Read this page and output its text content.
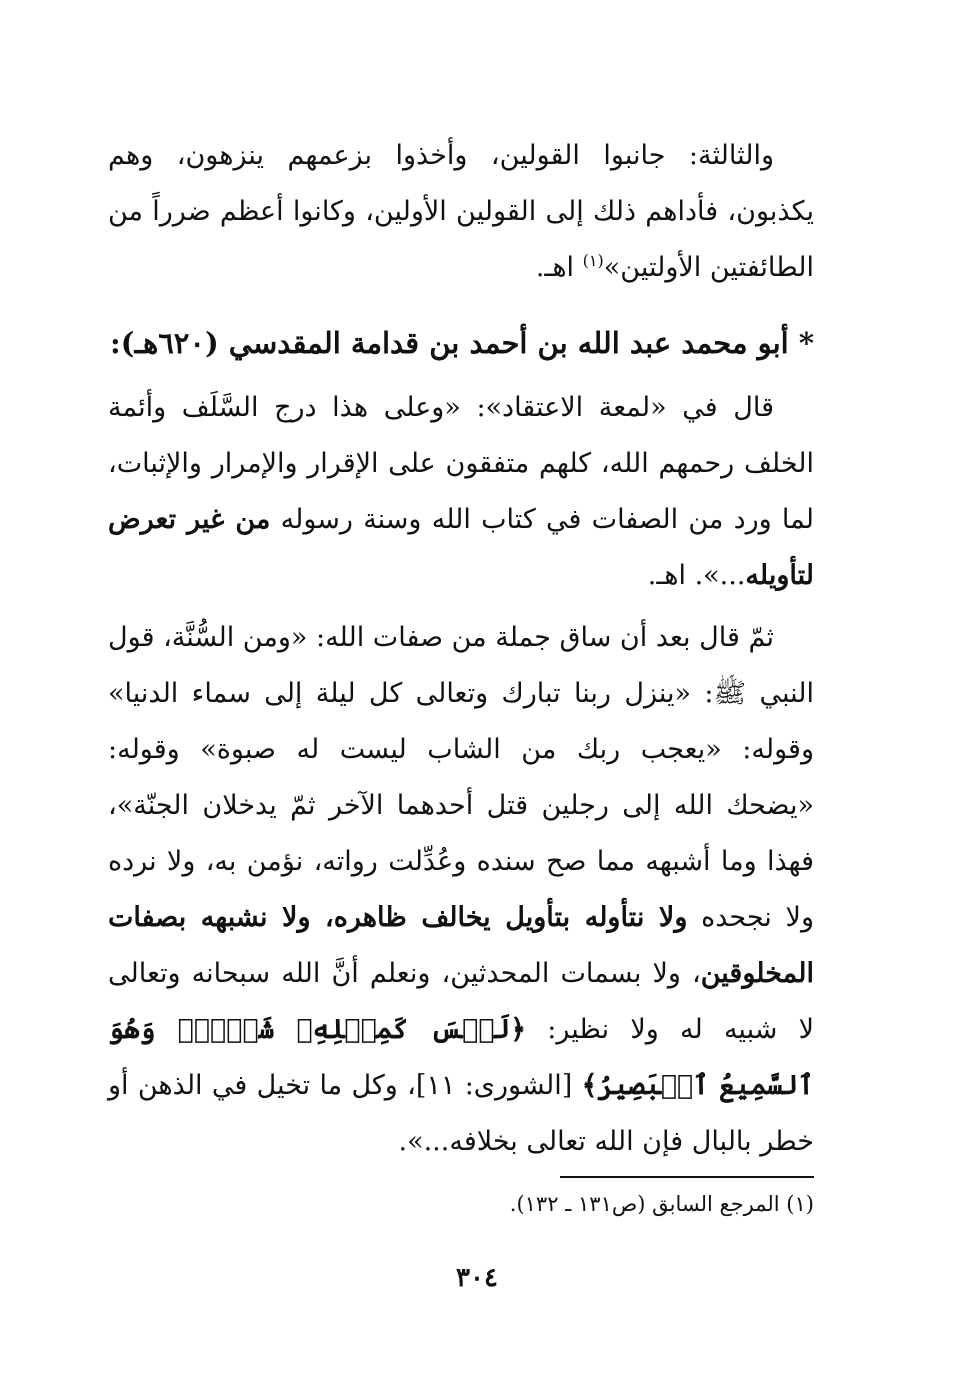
والثالثة: جانبوا القولين، وأخذوا بزعمهم ينزهون، وهم يكذبون، فأداهم ذلك إلى القولين الأولين، وكانوا أعظم ضرراً من الطائفتين الأولتين»$^{(١)}$ اهـ.

* أبو محمد عبد الله بن أحمد بن قدامة المقدسي (٦٢٠هـ):

قال في «لمعة الاعتقاد»: «وعلى هذا درج السَّلَف وأئمة الخلف رحمهم الله، كلهم متفقون على الإقرار والإمرار والإثبات، لما ورد من الصفات في كتاب الله وسنة رسوله من غير تعرض لتأويله...». اهـ.

ثمّ قال بعد أن ساق جملة من صفات الله: «ومن السُّنَّة، قول النبي ﷺ: «ينزل ربنا تبارك وتعالى كل ليلة إلى سماء الدنيا» وقوله: «يعجب ربك من الشاب ليست له صبوة» وقوله: «يضحك الله إلى رجلين قتل أحدهما الآخر ثمّ يدخلان الجنّة»، فهذا وما أشبهه مما صح سنده وعُدِّلت رواته، نؤمن به، ولا نرده ولا نجحده ولا نتأوله بتأويل يخالف ظاهره، ولا نشبهه بصفات المخلوقين، ولا بسمات المحدثين، ونعلم أنَّ الله سبحانه وتعالى لا شبيه له ولا نظير: ﴿لَيۡسَ كَمِثۡلِهِۦ شَيۡءٞۖ وَهُوَ ٱلسَّمِيعُ ٱلۡبَصِيرُ﴾ [الشورى: ١١]، وكل ما تخيل في الذهن أو خطر بالبال فإن الله تعالى بخلافه...».

(١) المرجع السابق (ص١٣١ ـ ١٣٢).
٣٠٤
